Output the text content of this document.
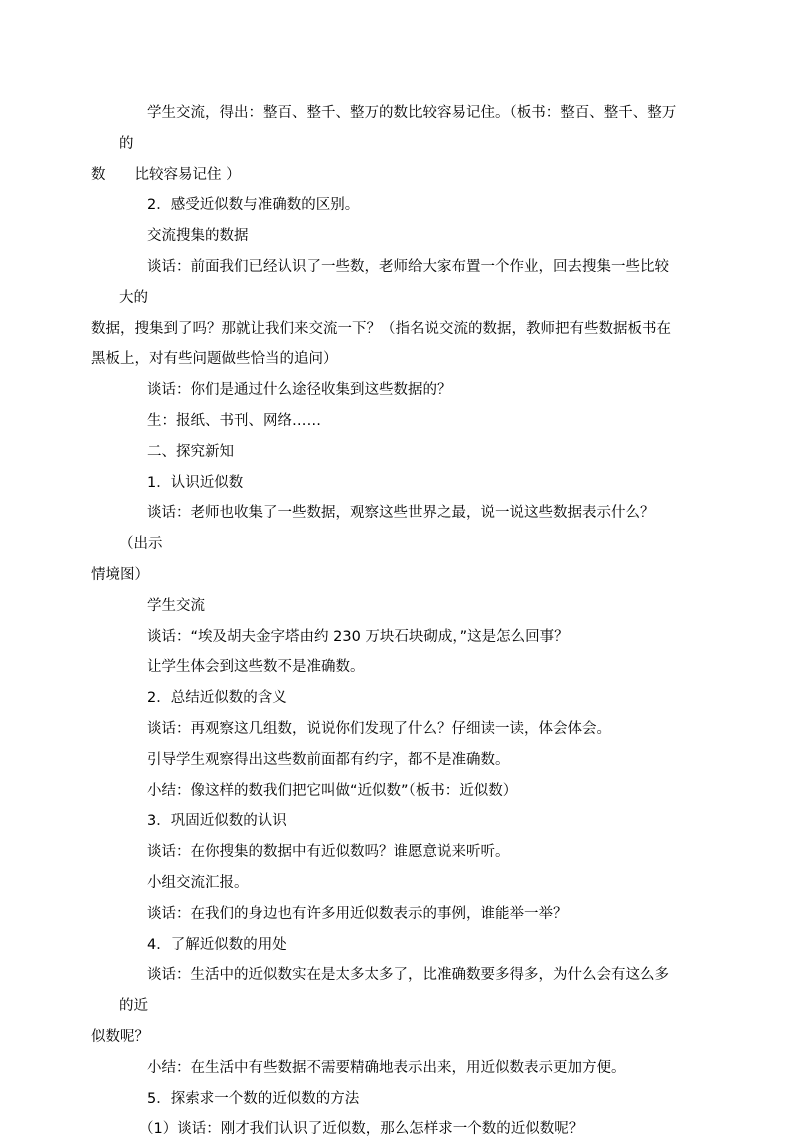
学生交流，得出：整百、整千、整万的数比较容易记住。（板书：整百、整千、整万的
数　　比较容易记住 ）
2．感受近似数与准确数的区别。
交流搜集的数据
谈话：前面我们已经认识了一些数，老师给大家布置一个作业，回去搜集一些比较大的
数据，搜集到了吗？那就让我们来交流一下？（指名说交流的数据，教师把有些数据板书在
黑板上，对有些问题做些恰当的追问）
谈话：你们是通过什么途径收集到这些数据的？
生：报纸、书刊、网络……
二、探究新知
1．认识近似数
谈话：老师也收集了一些数据，观察这些世界之最，说一说这些数据表示什么？（出示
情境图）
学生交流
谈话：“埃及胡夫金字塔由约 230 万块石块砌成，”这是怎么回事？
让学生体会到这些数不是准确数。
2．总结近似数的含义
谈话：再观察这几组数，说说你们发现了什么？仔细读一读，体会体会。
引导学生观察得出这些数前面都有约字，都不是准确数。
小结：像这样的数我们把它叫做“近似数”（板书：近似数）
3．巩固近似数的认识
谈话：在你搜集的数据中有近似数吗？谁愿意说来听听。
小组交流汇报。
谈话：在我们的身边也有许多用近似数表示的事例，谁能举一举？
4．了解近似数的用处
谈话：生活中的近似数实在是太多太多了，比准确数要多得多，为什么会有这么多的近
似数呢？
小结：在生活中有些数据不需要精确地表示出来，用近似数表示更加方便。
5．探索求一个数的近似数的方法
（1）谈话：刚才我们认识了近似数，那么怎样求一个数的近似数呢？
